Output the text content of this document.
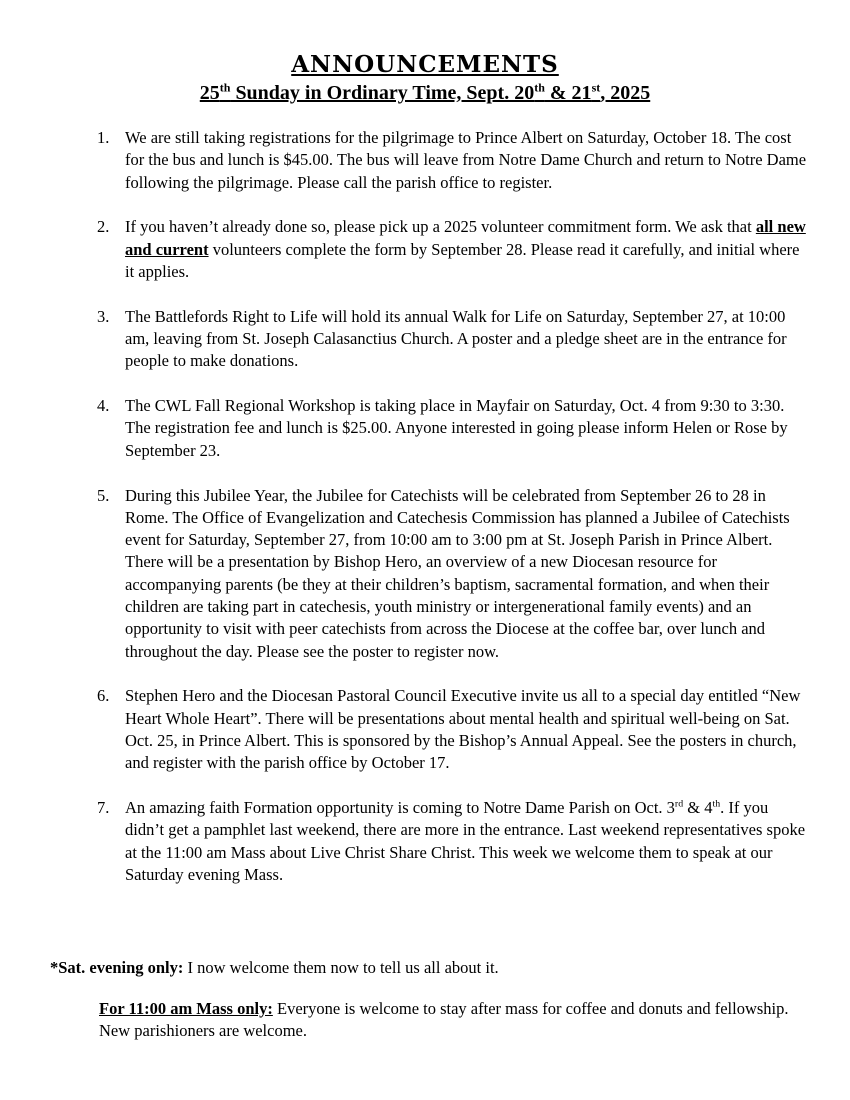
ANNOUNCEMENTS
25th Sunday in Ordinary Time, Sept. 20th & 21st, 2025
1. We are still taking registrations for the pilgrimage to Prince Albert on Saturday, October 18. The cost for the bus and lunch is $45.00. The bus will leave from Notre Dame Church and return to Notre Dame following the pilgrimage. Please call the parish office to register.
2. If you haven’t already done so, please pick up a 2025 volunteer commitment form. We ask that all new and current volunteers complete the form by September 28. Please read it carefully, and initial where it applies.
3. The Battlefords Right to Life will hold its annual Walk for Life on Saturday, September 27, at 10:00 am, leaving from St. Joseph Calasanctius Church. A poster and a pledge sheet are in the entrance for people to make donations.
4. The CWL Fall Regional Workshop is taking place in Mayfair on Saturday, Oct. 4 from 9:30 to 3:30. The registration fee and lunch is $25.00. Anyone interested in going please inform Helen or Rose by September 23.
5. During this Jubilee Year, the Jubilee for Catechists will be celebrated from September 26 to 28 in Rome. The Office of Evangelization and Catechesis Commission has planned a Jubilee of Catechists event for Saturday, September 27, from 10:00 am to 3:00 pm at St. Joseph Parish in Prince Albert. There will be a presentation by Bishop Hero, an overview of a new Diocesan resource for accompanying parents (be they at their children’s baptism, sacramental formation, and when their children are taking part in catechesis, youth ministry or intergenerational family events) and an opportunity to visit with peer catechists from across the Diocese at the coffee bar, over lunch and throughout the day. Please see the poster to register now.
6. Stephen Hero and the Diocesan Pastoral Council Executive invite us all to a special day entitled “New Heart Whole Heart”. There will be presentations about mental health and spiritual well-being on Sat. Oct. 25, in Prince Albert. This is sponsored by the Bishop’s Annual Appeal. See the posters in church, and register with the parish office by October 17.
7. An amazing faith Formation opportunity is coming to Notre Dame Parish on Oct. 3rd & 4th. If you didn’t get a pamphlet last weekend, there are more in the entrance. Last weekend representatives spoke at the 11:00 am Mass about Live Christ Share Christ. This week we welcome them to speak at our Saturday evening Mass.
*Sat. evening only: I now welcome them now to tell us all about it.
For 11:00 am Mass only: Everyone is welcome to stay after mass for coffee and donuts and fellowship. New parishioners are welcome.
